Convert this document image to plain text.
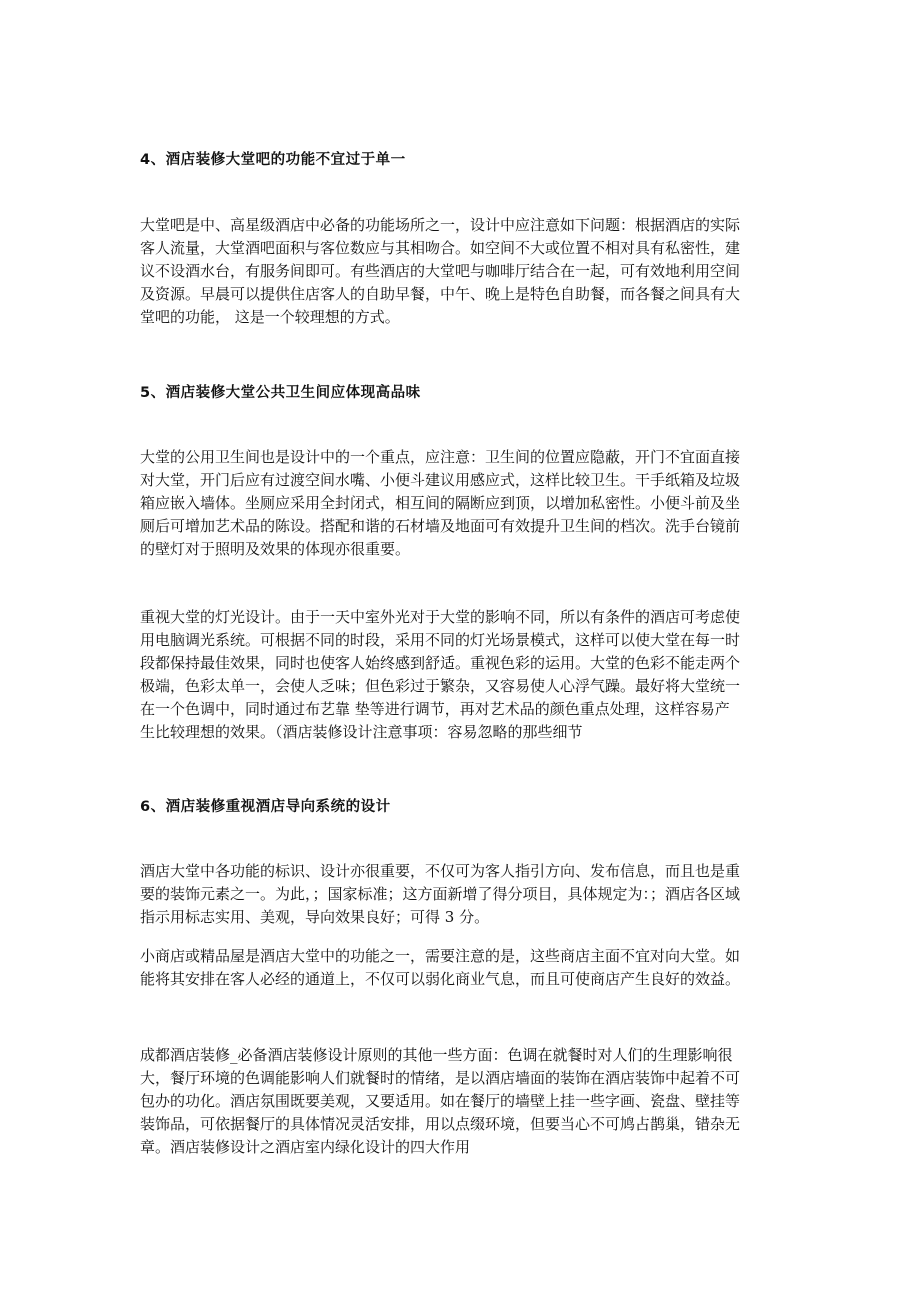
4、酒店装修大堂吧的功能不宜过于单一
大堂吧是中、高星级酒店中必备的功能场所之一，设计中应注意如下问题：根据酒店的实际
客人流量，大堂酒吧面积与客位数应与其相吻合。如空间不大或位置不相对具有私密性，建
议不设酒水台，有服务间即可。有些酒店的大堂吧与咖啡厅结合在一起，可有效地利用空间
及资源。早晨可以提供住店客人的自助早餐，中午、晚上是特色自助餐，而各餐之间具有大
堂吧的功能， 这是一个较理想的方式。
5、酒店装修大堂公共卫生间应体现高品味
大堂的公用卫生间也是设计中的一个重点，应注意：卫生间的位置应隐蔽，开门不宜面直接
对大堂，开门后应有过渡空间水嘴、小便斗建议用感应式，这样比较卫生。干手纸箱及垃圾
箱应嵌入墙体。坐厕应采用全封闭式，相互间的隔断应到顶，以增加私密性。小便斗前及坐
厕后可增加艺术品的陈设。搭配和谐的石材墙及地面可有效提升卫生间的档次。洗手台镜前
的壁灯对于照明及效果的体现亦很重要。
重视大堂的灯光设计。由于一天中室外光对于大堂的影响不同，所以有条件的酒店可考虑使
用电脑调光系统。可根据不同的时段，采用不同的灯光场景模式，这样可以使大堂在每一时
段都保持最佳效果，同时也使客人始终感到舒适。重视色彩的运用。大堂的色彩不能走两个
极端，色彩太单一，会使人乏味；但色彩过于繁杂，又容易使人心浮气躁。最好将大堂统一
在一个色调中，同时通过布艺靠 垫等进行调节，再对艺术品的颜色重点处理，这样容易产
生比较理想的效果。（酒店装修设计注意事项：容易忽略的那些细节
6、酒店装修重视酒店导向系统的设计
酒店大堂中各功能的标识、设计亦很重要，不仅可为客人指引方向、发布信息，而且也是重
要的装饰元素之一。为此，；国家标准；这方面新增了得分项目，具体规定为：；酒店各区域
指示用标志实用、美观，导向效果良好；可得 3 分。
小商店或精品屋是酒店大堂中的功能之一，需要注意的是，这些商店主面不宜对向大堂。如
能将其安排在客人必经的通道上，不仅可以弱化商业气息，而且可使商店产生良好的效益。
成都酒店装修_必备酒店装修设计原则的其他一些方面：色调在就餐时对人们的生理影响很
大，餐厅环境的色调能影响人们就餐时的情绪，是以酒店墙面的装饰在酒店装饰中起着不可
包办的功化。酒店氛围既要美观，又要适用。如在餐厅的墙壁上挂一些字画、瓷盘、壁挂等
装饰品，可依据餐厅的具体情况灵活安排，用以点缀环境，但要当心不可鸠占鹊巢，错杂无
章。酒店装修设计之酒店室内绿化设计的四大作用
